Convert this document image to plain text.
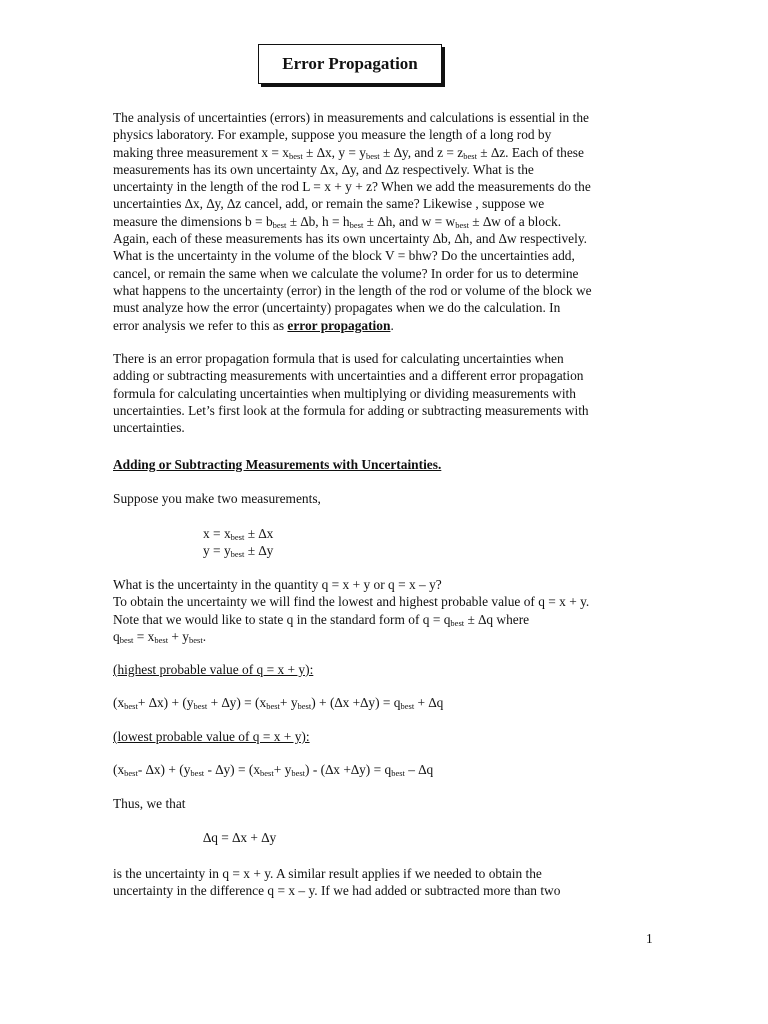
Error Propagation
The analysis of uncertainties (errors) in measurements and calculations is essential in the
physics laboratory. For example, suppose you measure the length of a long rod by
making three measurement $x = x_{best} \pm \Delta x$, $y = y_{best} \pm \Delta y$, and $z = z_{best} \pm \Delta z$. Each of these
measurements has its own uncertainty ∆x, ∆y, and ∆z respectively. What is the
uncertainty in the length of the rod L = x + y + z? When we add the measurements do the
uncertainties ∆x, ∆y, ∆z cancel, add, or remain the same? Likewise , suppose we
measure the dimensions $b = b_{best} \pm \Delta b$, $h = h_{best} \pm \Delta h$, and $w = w_{best} \pm \Delta w$ of a block.
Again, each of these measurements has its own uncertainty ∆b, ∆h, and ∆w respectively.
What is the uncertainty in the volume of the block V = bhw? Do the uncertainties add,
cancel, or remain the same when we calculate the volume? In order for us to determine
what happens to the uncertainty (error) in the length of the rod or volume of the block we
must analyze how the error (uncertainty) propagates when we do the calculation. In
error analysis we refer to this as error propagation.
There is an error propagation formula that is used for calculating uncertainties when
adding or subtracting measurements with uncertainties and a different error propagation
formula for calculating uncertainties when multiplying or dividing measurements with
uncertainties. Let’s first look at the formula for adding or subtracting measurements with
uncertainties.
Adding or Subtracting Measurements with Uncertainties.
Suppose you make two measurements,
$x = x_{best} \pm \Delta x$
$y = y_{best} \pm \Delta y$
What is the uncertainty in the quantity q = x + y or q = x – y?
To obtain the uncertainty we will find the lowest and highest probable value of q = x + y.
Note that we would like to state q in the standard form of $q = q_{best} \pm \Delta q$ where
$q_{best} = x_{best} + y_{best}$.
(highest probable value of q = x + y):
$(x_{best}+ \Delta x) + (y_{best} + \Delta y) = (x_{best}+ y_{best}) + (\Delta x +\Delta y) = q_{best} + \Delta q$
(lowest probable value of q = x + y):
($x_{best}-$ $\Delta x) + (y_{best} - \Delta y) = (x_{best}+ y_{best}) - (\Delta x +\Delta y) = q_{best} - \Delta q$
Thus, we that
∆q = ∆x + ∆y
is the uncertainty in q = x + y. A similar result applies if we needed to obtain the
uncertainty in the difference q = x – y. If we had added or subtracted more than two
1
